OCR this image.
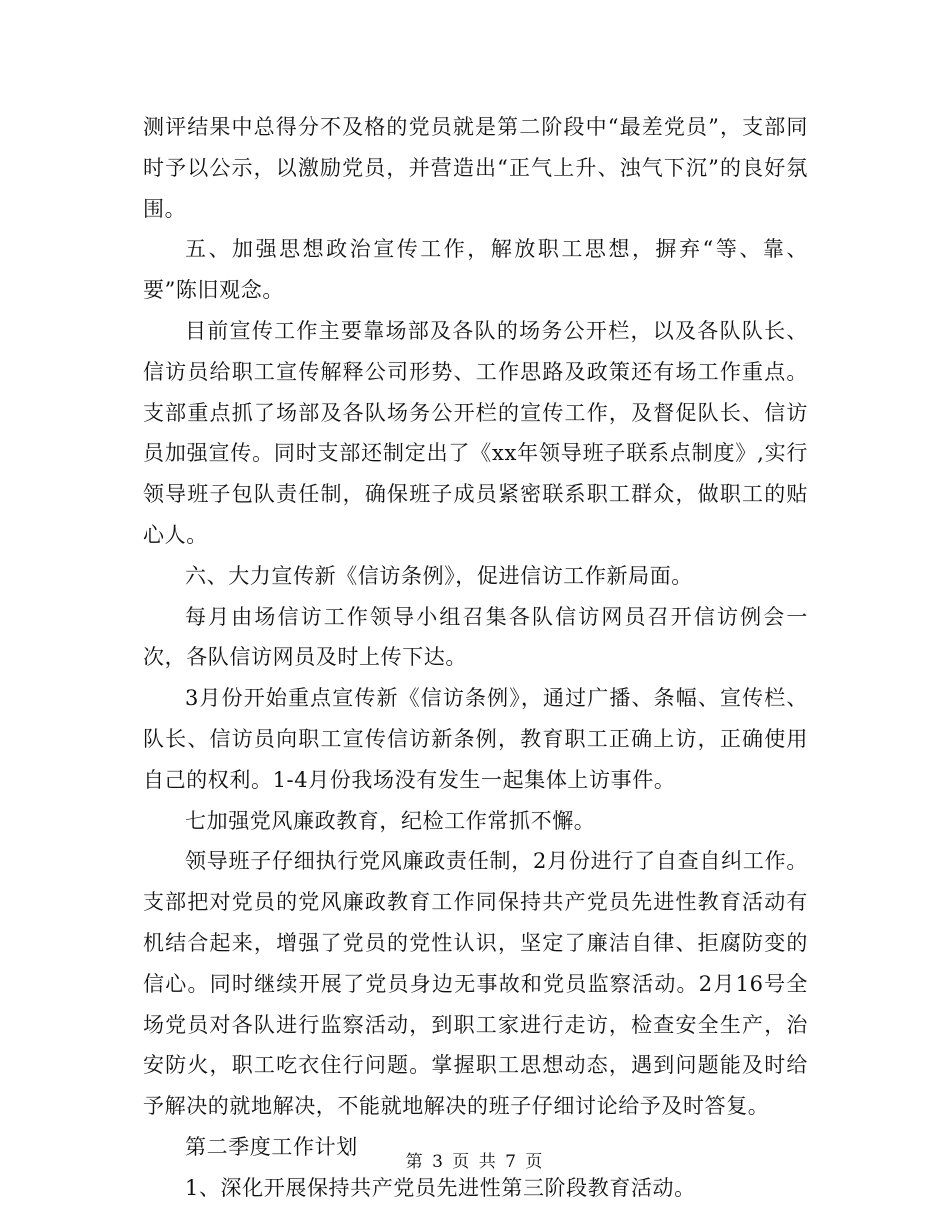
测评结果中总得分不及格的党员就是第二阶段中“最差党员”，支部同时予以公示，以激励党员，并营造出“正气上升、浊气下沉”的良好氛围。

五、加强思想政治宣传工作，解放职工思想，摒弃“等、靠、要”陈旧观念。

目前宣传工作主要靠场部及各队的场务公开栏，以及各队队长、信访员给职工宣传解释公司形势、工作思路及政策还有场工作重点。支部重点抓了场部及各队场务公开栏的宣传工作，及督促队长、信访员加强宣传。同时支部还制定出了《xx年领导班子联系点制度》,实行领导班子包队责任制，确保班子成员紧密联系职工群众，做职工的贴心人。

六、大力宣传新《信访条例》，促进信访工作新局面。

每月由场信访工作领导小组召集各队信访网员召开信访例会一次，各队信访网员及时上传下达。

3月份开始重点宣传新《信访条例》，通过广播、条幅、宣传栏、队长、信访员向职工宣传信访新条例，教育职工正确上访，正确使用自己的权利。1-4月份我场没有发生一起集体上访事件。

七加强党风廉政教育，纪检工作常抓不懈。

领导班子仔细执行党风廉政责任制，2月份进行了自查自纠工作。支部把对党员的党风廉政教育工作同保持共产党员先进性教育活动有机结合起来，增强了党员的党性认识，坚定了廉洁自律、拒腐防变的信心。同时继续开展了党员身边无事故和党员监察活动。2月16号全场党员对各队进行监察活动，到职工家进行走访，检查安全生产，治安防火，职工吃衣住行问题。掌握职工思想动态，遇到问题能及时给予解决的就地解决，不能就地解决的班子仔细讨论给予及时答复。

第二季度工作计划

1、深化开展保持共产党员先进性第三阶段教育活动。

第 3 页 共 7 页
